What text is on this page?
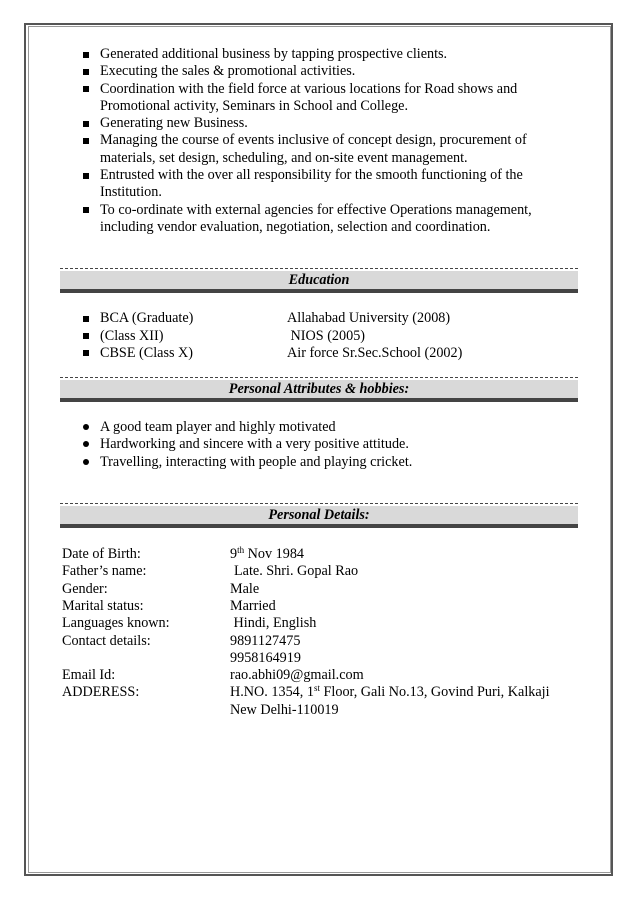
Generated additional business by tapping prospective clients.
Executing the sales & promotional activities.
Coordination with the field force at various locations for Road shows and Promotional activity, Seminars in School and College.
Generating new Business.
Managing the course of events inclusive of concept design, procurement of materials, set design, scheduling, and on-site event management.
Entrusted with the over all responsibility for the smooth functioning of the Institution.
To co-ordinate with external agencies for effective Operations management, including vendor evaluation, negotiation, selection and coordination.
Education
BCA (Graduate)	Allahabad University (2008)
(Class XII)	NIOS (2005)
CBSE (Class X)	Air force Sr.Sec.School (2002)
Personal Attributes & hobbies:
A good team player and highly motivated
Hardworking and sincere with a very positive attitude.
Travelling, interacting with people and playing cricket.
Personal Details:
Date of Birth:	9th Nov 1984
Father’s name:	Late. Shri. Gopal Rao
Gender:	Male
Marital status:	Married
Languages known:	Hindi, English
Contact details:	9891127475
9958164919
Email Id:	rao.abhi09@gmail.com
ADDERESS:	H.NO. 1354, 1st Floor, Gali No.13, Govind Puri, Kalkaji
New Delhi-110019
